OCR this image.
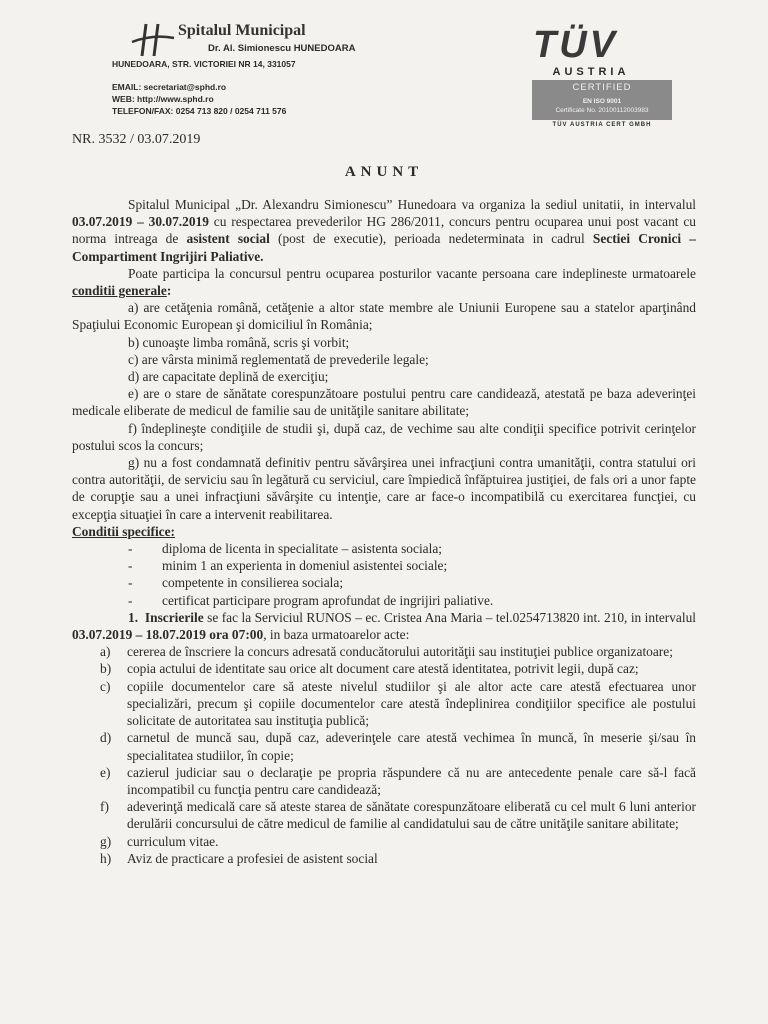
Spitalul Municipal
Dr. Al. Simionescu HUNEDOARA
HUNEDOARA, STR. VICTORIEI NR 14, 331057
EMAIL: secretariat@sphd.ro
WEB: http://www.sphd.ro
TELEFON/FAX: 0254 713 820 / 0254 711 576
TÜV
AUSTRIA
CERTIFIED
EN ISO 9001
Certificate No. 20100112003983
TÜV AUSTRIA CERT GMBH
NR. 3532 / 03.07.2019
ANUNT

Spitalul Municipal „Dr. Alexandru Simionescu” Hunedoara va organiza la sediul unitatii, in intervalul 03.07.2019 – 30.07.2019 cu respectarea prevederilor HG 286/2011, concurs pentru ocuparea unui post vacant cu norma intreaga de asistent social (post de executie), perioada nedeterminata in cadrul Sectiei Cronici – Compartiment Ingrijiri Paliative.

Poate participa la concursul pentru ocuparea posturilor vacante persoana care indeplineste urmatoarele conditii generale:

a) are cetăţenia română, cetăţenie a altor state membre ale Uniunii Europene sau a statelor aparţinând Spaţiului Economic European şi domiciliul în România;

b) cunoaşte limba română, scris şi vorbit;

c) are vârsta minimă reglementată de prevederile legale;

d) are capacitate deplină de exerciţiu;

e) are o stare de sănătate corespunzătoare postului pentru care candidează, atestată pe baza adeverinţei medicale eliberate de medicul de familie sau de unităţile sanitare abilitate;

f) îndeplineşte condiţiile de studii şi, după caz, de vechime sau alte condiţii specifice potrivit cerinţelor postului scos la concurs;

g) nu a fost condamnată definitiv pentru săvârşirea unei infracţiuni contra umanităţii, contra statului ori contra autorităţii, de serviciu sau în legătură cu serviciul, care împiedică înfăptuirea justiţiei, de fals ori a unor fapte de corupţie sau a unei infracţiuni săvârşite cu intenţie, care ar face-o incompatibilă cu exercitarea funcţiei, cu excepţia situaţiei în care a intervenit reabilitarea.

Conditii specifice:

-	diploma de licenta in specialitate – asistenta sociala;
-	minim 1 an experienta in domeniul asistentei sociale;
-	competente in consilierea sociala;
-	certificat participare program aprofundat de ingrijiri paliative.

1. Inscrierile se fac la Serviciul RUNOS – ec. Cristea Ana Maria – tel.0254713820 int. 210, in intervalul 03.07.2019 – 18.07.2019 ora 07:00, in baza urmatoarelor acte:

a)	cererea de înscriere la concurs adresată conducătorului autorităţii sau instituţiei publice organizatoare;
b)	copia actului de identitate sau orice alt document care atestă identitatea, potrivit legii, după caz;
c)	copiile documentelor care să ateste nivelul studiilor şi ale altor acte care atestă efectuarea unor specializări, precum şi copiile documentelor care atestă îndeplinirea condiţiilor specifice ale postului solicitate de autoritatea sau instituţia publică;
d)	carnetul de muncă sau, după caz, adeverinţele care atestă vechimea în muncă, în meserie şi/sau în specialitatea studiilor, în copie;
e)	cazierul judiciar sau o declaraţie pe propria răspundere că nu are antecedente penale care să-l facă incompatibil cu funcţia pentru care candidează;
f)	adeverinţă medicală care să ateste starea de sănătate corespunzătoare eliberată cu cel mult 6 luni anterior derulării concursului de către medicul de familie al candidatului sau de către unităţile sanitare abilitate;
g)	curriculum vitae.
h)	Aviz de practicare a profesiei de asistent social
